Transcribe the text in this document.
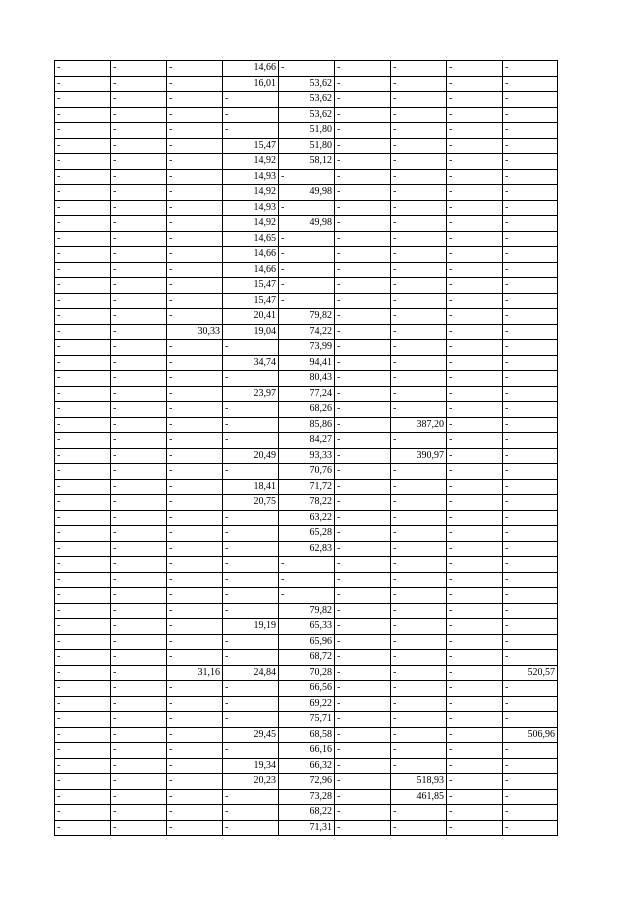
-	-	-	14,66	-	-	-	-	-
-	-	-	16,01	53,62	-	-	-	-
-	-	-	-	53,62	-	-	-	-
-	-	-	-	53,62	-	-	-	-
-	-	-	-	51,80	-	-	-	-
-	-	-	15,47	51,80	-	-	-	-
-	-	-	14,92	58,12	-	-	-	-
-	-	-	14,93	-	-	-	-	-
-	-	-	14,92	49,98	-	-	-	-
-	-	-	14,93	-	-	-	-	-
-	-	-	14,92	49,98	-	-	-	-
-	-	-	14,65	-	-	-	-	-
-	-	-	14,66	-	-	-	-	-
-	-	-	14,66	-	-	-	-	-
-	-	-	15,47	-	-	-	-	-
-	-	-	15,47	-	-	-	-	-
-	-	-	20,41	79,82	-	-	-	-
-	-	30,33	19,04	74,22	-	-	-	-
-	-	-	-	73,99	-	-	-	-
-	-	-	34,74	94,41	-	-	-	-
-	-	-	-	80,43	-	-	-	-
-	-	-	23,97	77,24	-	-	-	-
-	-	-	-	68,26	-	-	-	-
-	-	-	-	85,86	-	387,20	-	-
-	-	-	-	84,27	-	-	-	-
-	-	-	20,49	93,33	-	390,97	-	-
-	-	-	-	70,76	-	-	-	-
-	-	-	18,41	71,72	-	-	-	-
-	-	-	20,75	78,22	-	-	-	-
-	-	-	-	63,22	-	-	-	-
-	-	-	-	65,28	-	-	-	-
-	-	-	-	62,83	-	-	-	-
-	-	-	-	-	-	-	-	-
-	-	-	-	-	-	-	-	-
-	-	-	-	-	-	-	-	-
-	-	-	-	79,82	-	-	-	-
-	-	-	19,19	65,33	-	-	-	-
-	-	-	-	65,96	-	-	-	-
-	-	-	-	68,72	-	-	-	-
-	-	31,16	24,84	70,28	-	-	-	520,57
-	-	-	-	66,56	-	-	-	-
-	-	-	-	69,22	-	-	-	-
-	-	-	-	75,71	-	-	-	-
-	-	-	29,45	68,58	-	-	-	506,96
-	-	-	-	66,16	-	-	-	-
-	-	-	19,34	66,32	-	-	-	-
-	-	-	20,23	72,96	-	518,93	-	-
-	-	-	-	73,28	-	461,85	-	-
-	-	-	-	68,22	-	-	-	-
-	-	-	-	71,31	-	-	-	-
